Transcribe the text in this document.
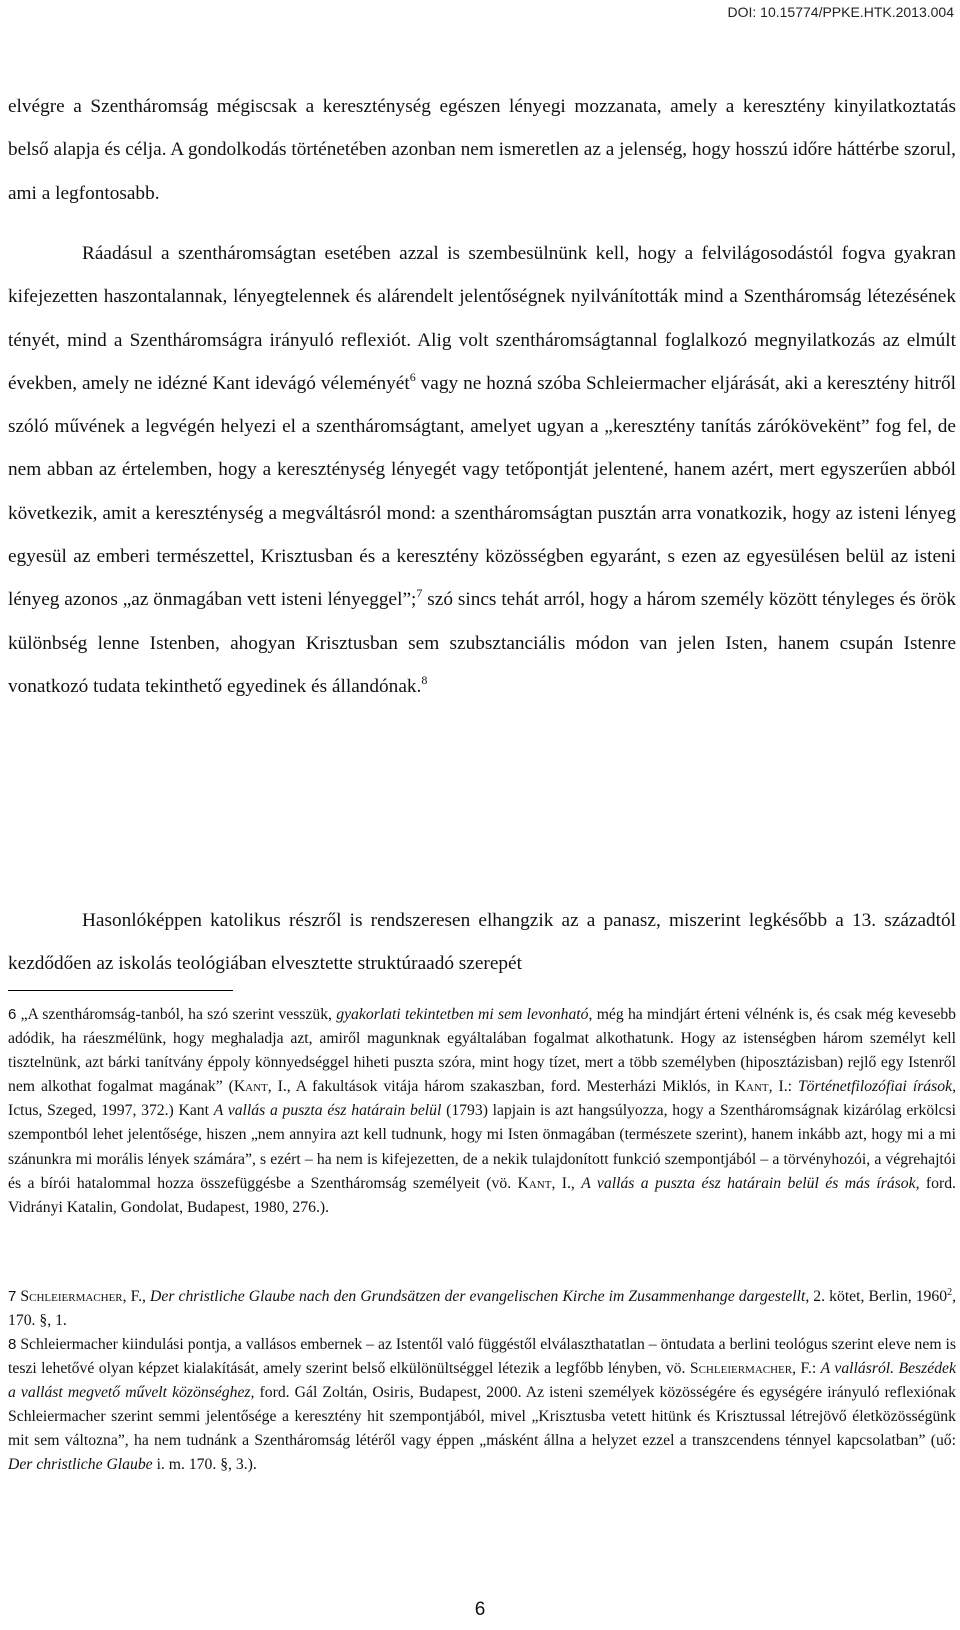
DOI: 10.15774/PPKE.HTK.2013.004

elvégre a Szentháromság mégiscsak a kereszténység egészen lényegi mozzanata, amely a keresztény kinyilatkoztatás belső alapja és célja. A gondolkodás történetében azonban nem ismeretlen az a jelenség, hogy hosszú időre háttérbe szorul, ami a legfontosabb.

Ráadásul a szentháromságtan esetében azzal is szembesülnünk kell, hogy a felvilágosodástól fogva gyakran kifejezetten haszontalannak, lényegtelennek és alárendelt jelentőségnek nyilvánították mind a Szentháromság létezésének tényét, mind a Szentháromságra irányuló reflexiót. Alig volt szentháromságtannal foglalkozó megnyilatkozás az elmúlt években, amely ne idézné Kant idevágó véleményét$^6$ vagy ne hozná szóba Schleiermacher eljárását, aki a keresztény hitről szóló művének a legvégén helyezi el a szentháromságtant, amelyet ugyan a „keresztény tanítás zárókövekënt” fog fel, de nem abban az értelemben, hogy a kereszténység lényegét vagy tetőpontját jelentené, hanem azért, mert egyszerűen abból következik, amit a kereszténység a megváltásról mond: a szentháromságtan pusztán arra vonatkozik, hogy az isteni lényeg egyesül az emberi természettel, Krisztusban és a keresztény közösségben egyaránt, s ezen az egyesülésen belül az isteni lényeg azonos „az önmagában vett isteni lényeggel”;$^7$ szó sincs tehát arról, hogy a három személy között tényleges és örök különbség lenne Istenben, ahogyan Krisztusban sem szubsztanciális módon van jelen Isten, hanem csupán Istenre vonatkozó tudata tekinthető egyedinek és állandónak.$^8$

Hasonlóképpen katolikus részről is rendszeresen elhangzik az a panasz, miszerint legkésőbb a 13. századtól kezdődően az iskolás teológiában elvesztette struktúraadó szerepét

6 „A szentháromság-tanból, ha szó szerint vesszük, gyakorlati tekintetben mi sem levonható, még ha mindjárt érteni vélnénk is, és csak még kevesebb adódik, ha ráeszmélünk, hogy meghaladja azt, amiről magunknak egyáltalában fogalmat alkothatunk. Hogy az istenségben három személyt kell tisztelnünk, azt bárki tanítvány éppoly könnyedséggel hiheti puszta szóra, mint hogy tízet, mert a több személyben (hiposztázisban) rejlő egy Istenről nem alkothat fogalmat magának” (Kant, I., A fakultások vitája három szakaszban, ford. Mesterházi Miklós, in Kant, I.: Történetfilozófiai írások, Ictus, Szeged, 1997, 372.) Kant A vallás a puszta ész határain belül (1793) lapjain is azt hangsúlyozza, hogy a Szentháromságnak kizárólag erkölcsi szempontból lehet jelentősége, hiszen „nem annyira azt kell tudnunk, hogy mi Isten önmagában (természete szerint), hanem inkább azt, hogy mi a mi szánunkra mi morális lények számára”, s ezért – ha nem is kifejezetten, de a nekik tulajdonított funkció szempontjából – a törvényhozói, a végrehajtói és a bírói hatalommal hozza összefüggésbe a Szentháromság személyeit (vö. Kant, I., A vallás a puszta ész határain belül és más írások, ford. Vidrányi Katalin, Gondolat, Budapest, 1980, 276.).

7 Schleiermacher, F., Der christliche Glaube nach den Grundsätzen der evangelischen Kirche im Zusammenhange dargestellt, 2. kötet, Berlin, 1960$^2$, 170. §, 1.

8 Schleiermacher kiindulási pontja, a vallásos embernek – az Istentől való függéstől elválaszthatatlan – öntudata a berlini teológus szerint eleve nem is teszi lehetővé olyan képzet kialakítását, amely szerint belső elkülönültséggel létezik a legfőbb lényben, vö. Schleiermacher, F.: A vallásról. Beszédek a vallást megvető művelt közönséghez, ford. Gál Zoltán, Osiris, Budapest, 2000. Az isteni személyek közösségére és egységére irányuló reflexiónak Schleiermacher szerint semmi jelentősége a keresztény hit szempontjából, mivel „Krisztusba vetett hitünk és Krisztussal létrejövő életközösségünk mit sem változna”, ha nem tudnánk a Szentháromság létéről vagy éppen „másként állna a helyzet ezzel a transzcendens ténnyel kapcsolatban” (uő: Der christliche Glaube i. m. 170. §, 3.).

6
